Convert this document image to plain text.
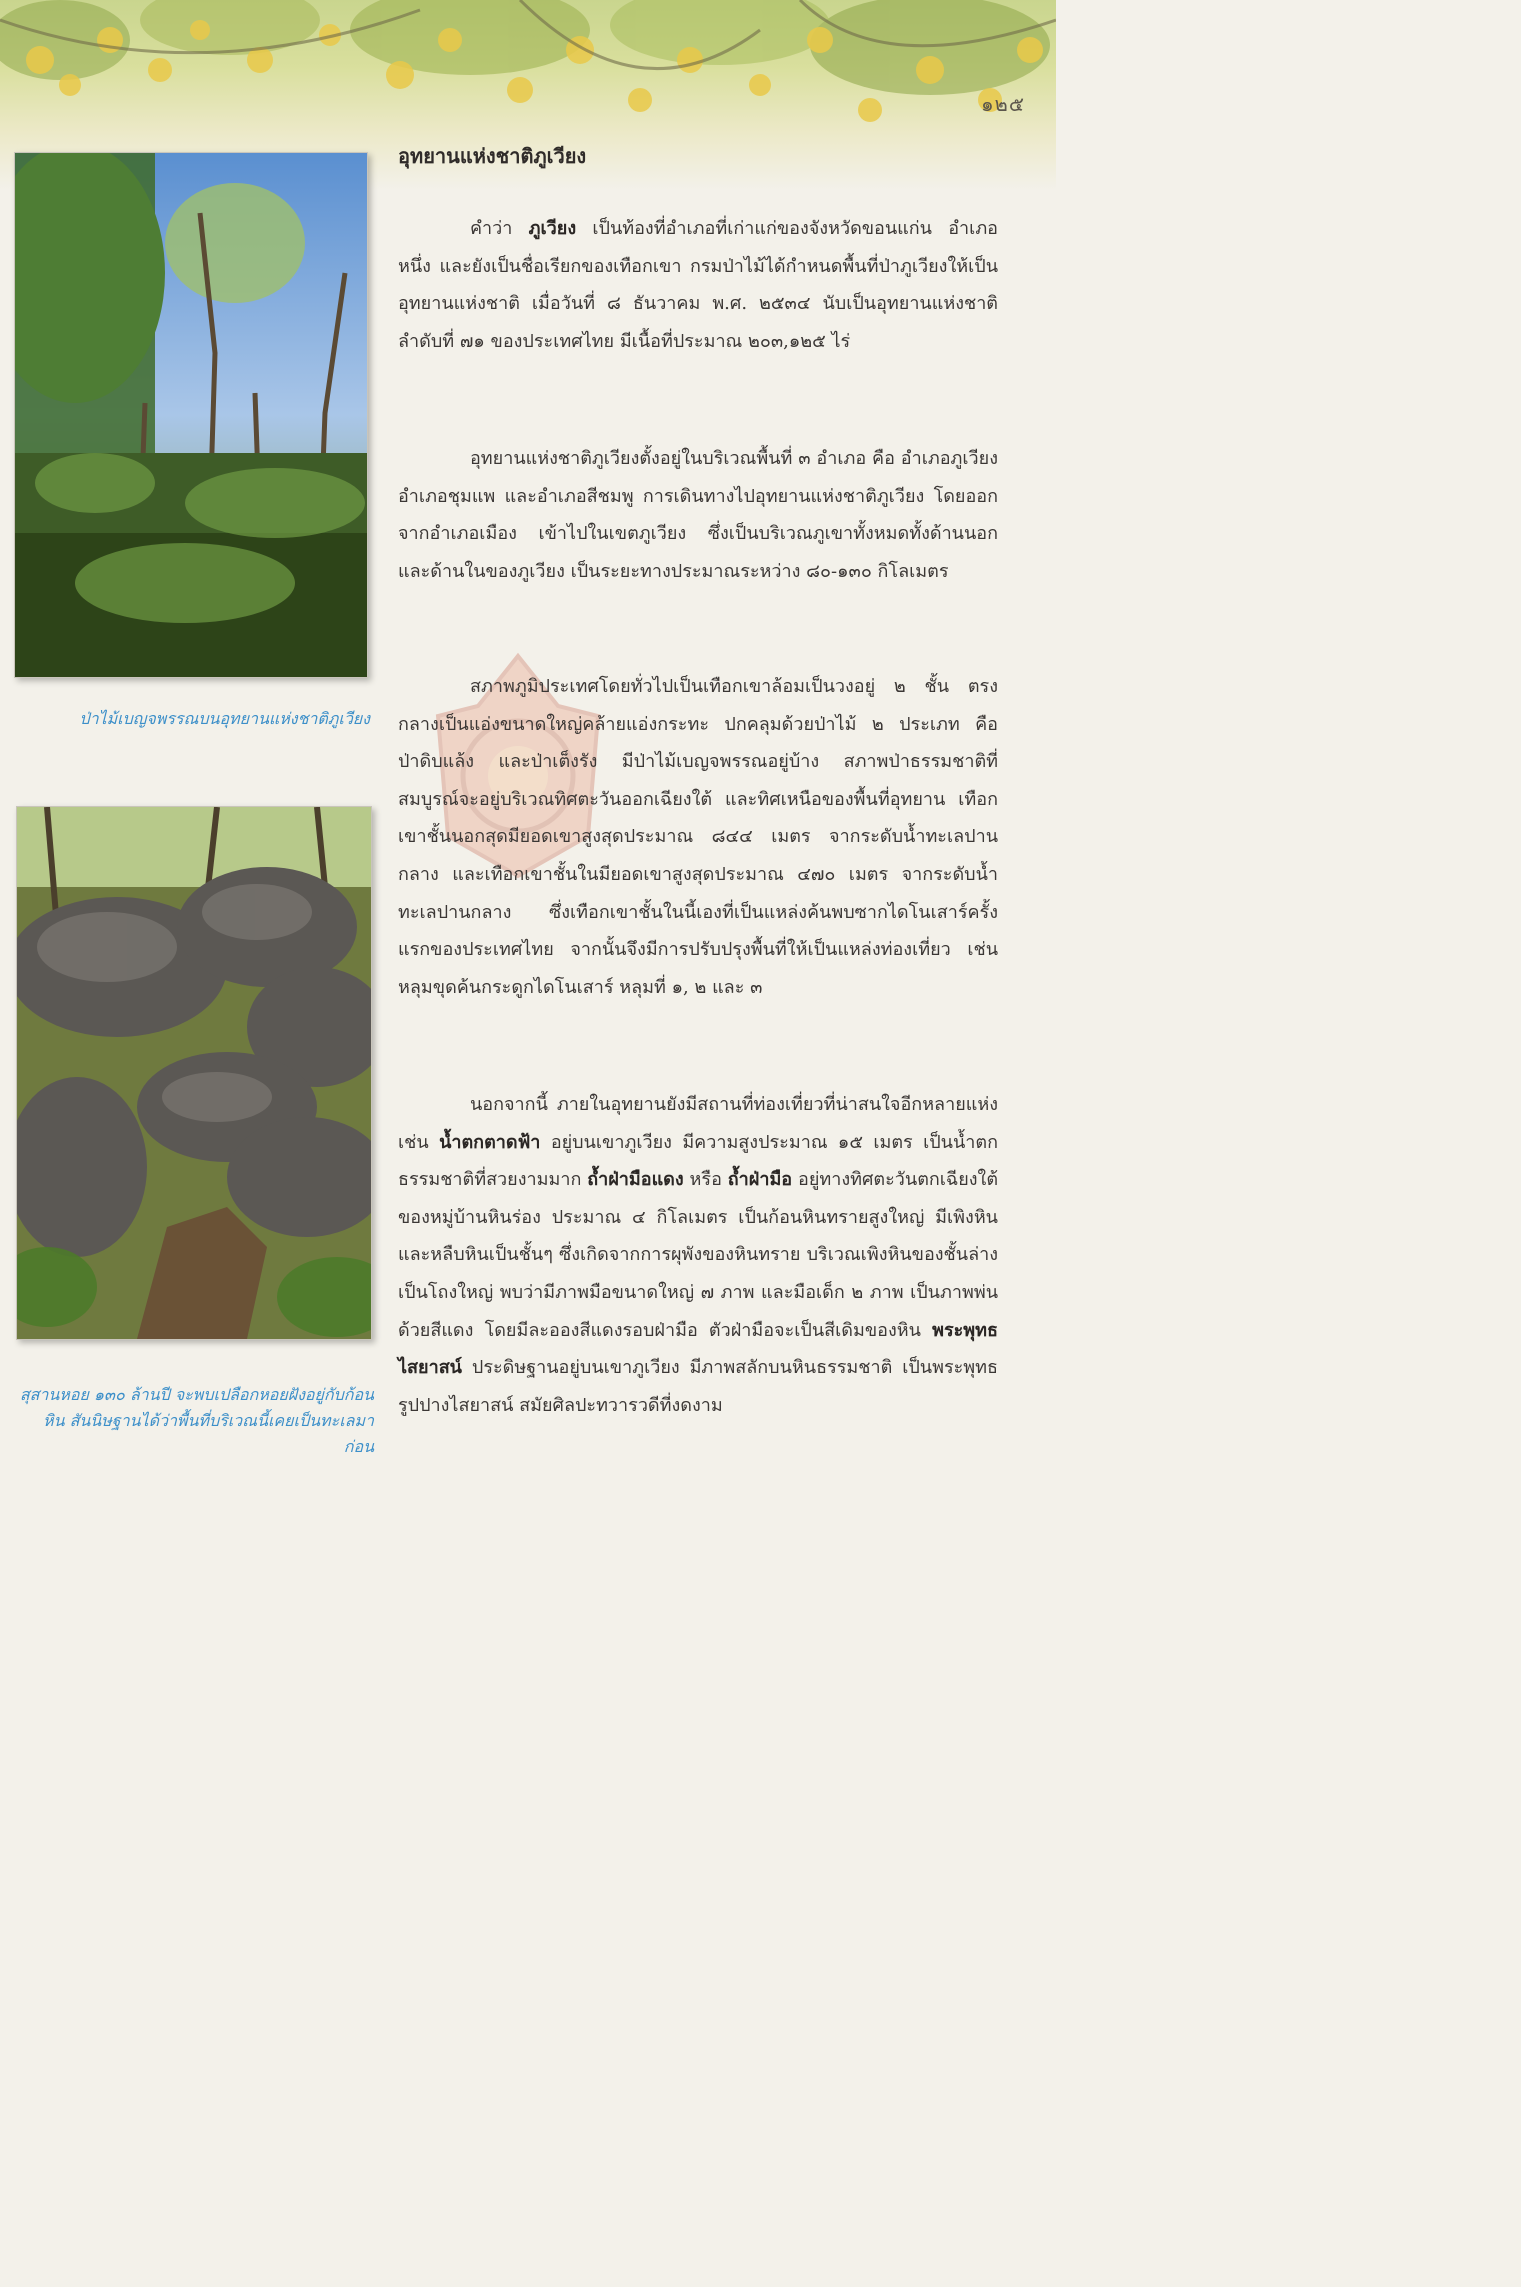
๑๒๕
อุทยานแห่งชาติภูเวียง
ป่าไม้เบญจพรรณบนอุทยานแห่งชาติภูเวียง
สุสานหอย ๑๓๐ ล้านปี จะพบเปลือกหอยฝังอยู่กับก้อนหิน สันนิษฐานได้ว่าพื้นที่บริเวณนี้เคยเป็นทะเลมาก่อน
คำว่า ภูเวียง เป็นท้องที่อำเภอที่เก่าแก่ของจังหวัดขอนแก่น อำเภอหนึ่ง และยังเป็นชื่อเรียกของเทือกเขา กรมป่าไม้ได้กำหนดพื้นที่ป่าภูเวียงให้เป็นอุทยานแห่งชาติ เมื่อวันที่ ๘ ธันวาคม พ.ศ. ๒๕๓๔ นับเป็นอุทยานแห่งชาติลำดับที่ ๗๑ ของประเทศไทย มีเนื้อที่ประมาณ ๒๐๓,๑๒๕ ไร่
อุทยานแห่งชาติภูเวียงตั้งอยู่ในบริเวณพื้นที่ ๓ อำเภอ คือ อำเภอภูเวียง อำเภอชุมแพ และอำเภอสีชมพู การเดินทางไปอุทยานแห่งชาติภูเวียง โดยออกจากอำเภอเมือง เข้าไปในเขตภูเวียง ซึ่งเป็นบริเวณภูเขาทั้งหมดทั้งด้านนอกและด้านในของภูเวียง เป็นระยะทางประมาณระหว่าง ๘๐-๑๓๐ กิโลเมตร
สภาพภูมิประเทศโดยทั่วไปเป็นเทือกเขาล้อมเป็นวงอยู่ ๒ ชั้น ตรงกลางเป็นแอ่งขนาดใหญ่คล้ายแอ่งกระทะ ปกคลุมด้วยป่าไม้ ๒ ประเภท คือ ป่าดิบแล้ง และป่าเต็งรัง มีป่าไม้เบญจพรรณอยู่บ้าง สภาพป่าธรรมชาติที่สมบูรณ์จะอยู่บริเวณทิศตะวันออกเฉียงใต้ และทิศเหนือของพื้นที่อุทยาน เทือกเขาชั้นนอกสุดมียอดเขาสูงสุดประมาณ ๘๔๔ เมตร จากระดับน้ำทะเลปานกลาง และเทือกเขาชั้นในมียอดเขาสูงสุดประมาณ ๔๗๐ เมตร จากระดับน้ำทะเลปานกลาง ซึ่งเทือกเขาชั้นในนี้เองที่เป็นแหล่งค้นพบซากไดโนเสาร์ครั้งแรกของประเทศไทย จากนั้นจึงมีการปรับปรุงพื้นที่ให้เป็นแหล่งท่องเที่ยว เช่น หลุมขุดค้นกระดูกไดโนเสาร์ หลุมที่ ๑, ๒ และ ๓
นอกจากนี้ ภายในอุทยานยังมีสถานที่ท่องเที่ยวที่น่าสนใจอีกหลายแห่ง เช่น น้ำตกตาดฟ้า อยู่บนเขาภูเวียง มีความสูงประมาณ ๑๕ เมตร เป็นน้ำตกธรรมชาติที่สวยงามมาก ถ้ำฝ่ามือแดง หรือ ถ้ำฝ่ามือ อยู่ทางทิศตะวันตกเฉียงใต้ของหมู่บ้านหินร่อง ประมาณ ๔ กิโลเมตร เป็นก้อนหินทรายสูงใหญ่ มีเพิงหินและหลืบหินเป็นชั้นๆ ซึ่งเกิดจากการผุพังของหินทราย บริเวณเพิงหินของชั้นล่างเป็นโถงใหญ่ พบว่ามีภาพมือขนาดใหญ่ ๗ ภาพ และมือเด็ก ๒ ภาพ เป็นภาพพ่นด้วยสีแดง โดยมีละอองสีแดงรอบฝ่ามือ ตัวฝ่ามือจะเป็นสีเดิมของหิน พระพุทธไสยาสน์ ประดิษฐานอยู่บนเขาภูเวียง มีภาพสลักบนหินธรรมชาติ เป็นพระพุทธรูปปางไสยาสน์ สมัยศิลปะทวารวดีที่งดงาม
